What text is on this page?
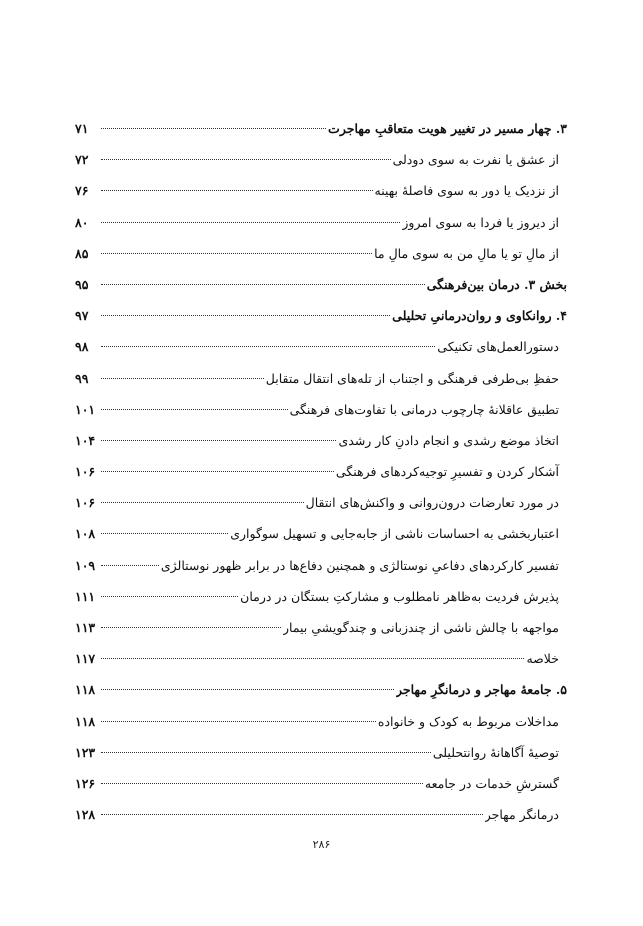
۳. چهار مسیر در تغییر هویت متعاقبِ مهاجرت
۷۱
از عشق یا نفرت به سوی دودلی
۷۲
از نزدیک یا دور به سوی فاصلهٔ بهینه
۷۶
از دیروز یا فردا به سوی امروز
۸۰
از مالِ تو یا مالِ من به سوی مالِ ما
۸۵
بخش ۳. درمان بین‌فرهنگی
۹۵
۴. روانکاوی و روان‌درمانیِ تحلیلی
۹۷
دستورالعمل‌های تکنیکی
۹۸
حفظِ بی‌طرفی فرهنگی و اجتناب از تله‌های انتقال متقابل
۹۹
تطبیق عاقلانهٔ چارچوب درمانی با تفاوت‌های فرهنگی
۱۰۱
اتخاذ موضع رشدی و انجام دادنِ کار رشدی
۱۰۴
آشکار کردن و تفسیرِ توجیه‌کردهای فرهنگی
۱۰۶
در مورد تعارضات درون‌روانی و واکنش‌های انتقال
۱۰۶
اعتباربخشی به احساسات ناشی از جابه‌جایی و تسهیل سوگواری
۱۰۸
تفسیر کارکردهای دفاعیِ نوستالژی و همچنین دفاع‌ها در برابر ظهور نوستالژی
۱۰۹
پذیرش فردیت به‌ظاهر نامطلوب و مشارکتِ بستگان در درمان
۱۱۱
مواجهه با چالش ناشی از چندزبانی و چندگویشیِ بیمار
۱۱۳
خلاصه
۱۱۷
۵. جامعهٔ مهاجر و درمانگرِ مهاجر
۱۱۸
مداخلات مربوط به کودک و خانواده
۱۱۸
توصیهٔ آگاهانهٔ روانتحلیلی
۱۲۳
گسترشِ خدمات در جامعه
۱۲۶
درمانگر مهاجر
۱۲۸
۲۸۶
